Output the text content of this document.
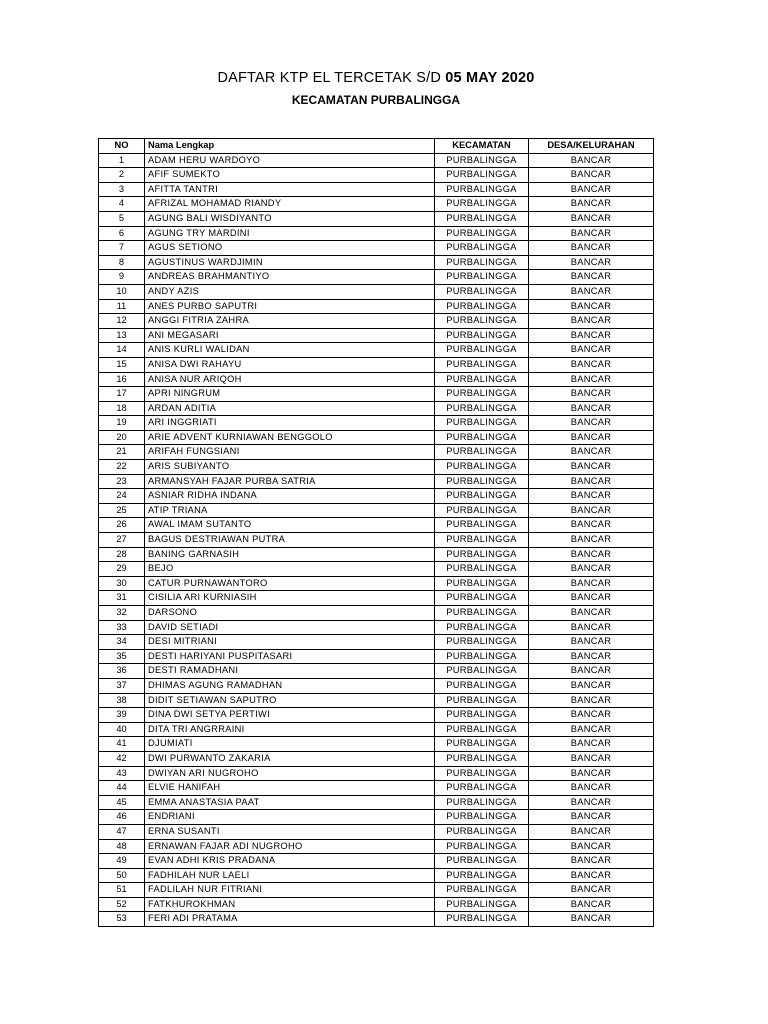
DAFTAR KTP EL TERCETAK S/D 05 MAY 2020
KECAMATAN PURBALINGGA
NO	Nama Lengkap	KECAMATAN	DESA/KELURAHAN
1	ADAM HERU WARDOYO	PURBALINGGA	BANCAR
2	AFIF SUMEKTO	PURBALINGGA	BANCAR
3	AFITTA TANTRI	PURBALINGGA	BANCAR
4	AFRIZAL MOHAMAD RIANDY	PURBALINGGA	BANCAR
5	AGUNG BALI WISDIYANTO	PURBALINGGA	BANCAR
6	AGUNG TRY MARDINI	PURBALINGGA	BANCAR
7	AGUS SETIONO	PURBALINGGA	BANCAR
8	AGUSTINUS WARDJIMIN	PURBALINGGA	BANCAR
9	ANDREAS BRAHMANTIYO	PURBALINGGA	BANCAR
10	ANDY AZIS	PURBALINGGA	BANCAR
11	ANES PURBO SAPUTRI	PURBALINGGA	BANCAR
12	ANGGI FITRIA ZAHRA	PURBALINGGA	BANCAR
13	ANI MEGASARI	PURBALINGGA	BANCAR
14	ANIS KURLI WALIDAN	PURBALINGGA	BANCAR
15	ANISA DWI RAHAYU	PURBALINGGA	BANCAR
16	ANISA NUR ARIQOH	PURBALINGGA	BANCAR
17	APRI NINGRUM	PURBALINGGA	BANCAR
18	ARDAN ADITIA	PURBALINGGA	BANCAR
19	ARI INGGRIATI	PURBALINGGA	BANCAR
20	ARIE ADVENT KURNIAWAN BENGGOLO	PURBALINGGA	BANCAR
21	ARIFAH FUNGSIANI	PURBALINGGA	BANCAR
22	ARIS SUBIYANTO	PURBALINGGA	BANCAR
23	ARMANSYAH FAJAR PURBA SATRIA	PURBALINGGA	BANCAR
24	ASNIAR RIDHA INDANA	PURBALINGGA	BANCAR
25	ATIP TRIANA	PURBALINGGA	BANCAR
26	AWAL IMAM SUTANTO	PURBALINGGA	BANCAR
27	BAGUS DESTRIAWAN PUTRA	PURBALINGGA	BANCAR
28	BANING GARNASIH	PURBALINGGA	BANCAR
29	BEJO	PURBALINGGA	BANCAR
30	CATUR PURNAWANTORO	PURBALINGGA	BANCAR
31	CISILIA ARI KURNIASIH	PURBALINGGA	BANCAR
32	DARSONO	PURBALINGGA	BANCAR
33	DAVID SETIADI	PURBALINGGA	BANCAR
34	DESI MITRIANI	PURBALINGGA	BANCAR
35	DESTI HARIYANI PUSPITASARI	PURBALINGGA	BANCAR
36	DESTI RAMADHANI	PURBALINGGA	BANCAR
37	DHIMAS AGUNG RAMADHAN	PURBALINGGA	BANCAR
38	DIDIT SETIAWAN SAPUTRO	PURBALINGGA	BANCAR
39	DINA DWI SETYA PERTIWI	PURBALINGGA	BANCAR
40	DITA TRI ANGRRAINI	PURBALINGGA	BANCAR
41	DJUMIATI	PURBALINGGA	BANCAR
42	DWI PURWANTO ZAKARIA	PURBALINGGA	BANCAR
43	DWIYAN ARI NUGROHO	PURBALINGGA	BANCAR
44	ELVIE HANIFAH	PURBALINGGA	BANCAR
45	EMMA ANASTASIA PAAT	PURBALINGGA	BANCAR
46	ENDRIANI	PURBALINGGA	BANCAR
47	ERNA SUSANTI	PURBALINGGA	BANCAR
48	ERNAWAN FAJAR ADI NUGROHO	PURBALINGGA	BANCAR
49	EVAN ADHI KRIS PRADANA	PURBALINGGA	BANCAR
50	FADHILAH NUR LAELI	PURBALINGGA	BANCAR
51	FADLILAH NUR FITRIANI	PURBALINGGA	BANCAR
52	FATKHUROKHMAN	PURBALINGGA	BANCAR
53	FERI ADI PRATAMA	PURBALINGGA	BANCAR
